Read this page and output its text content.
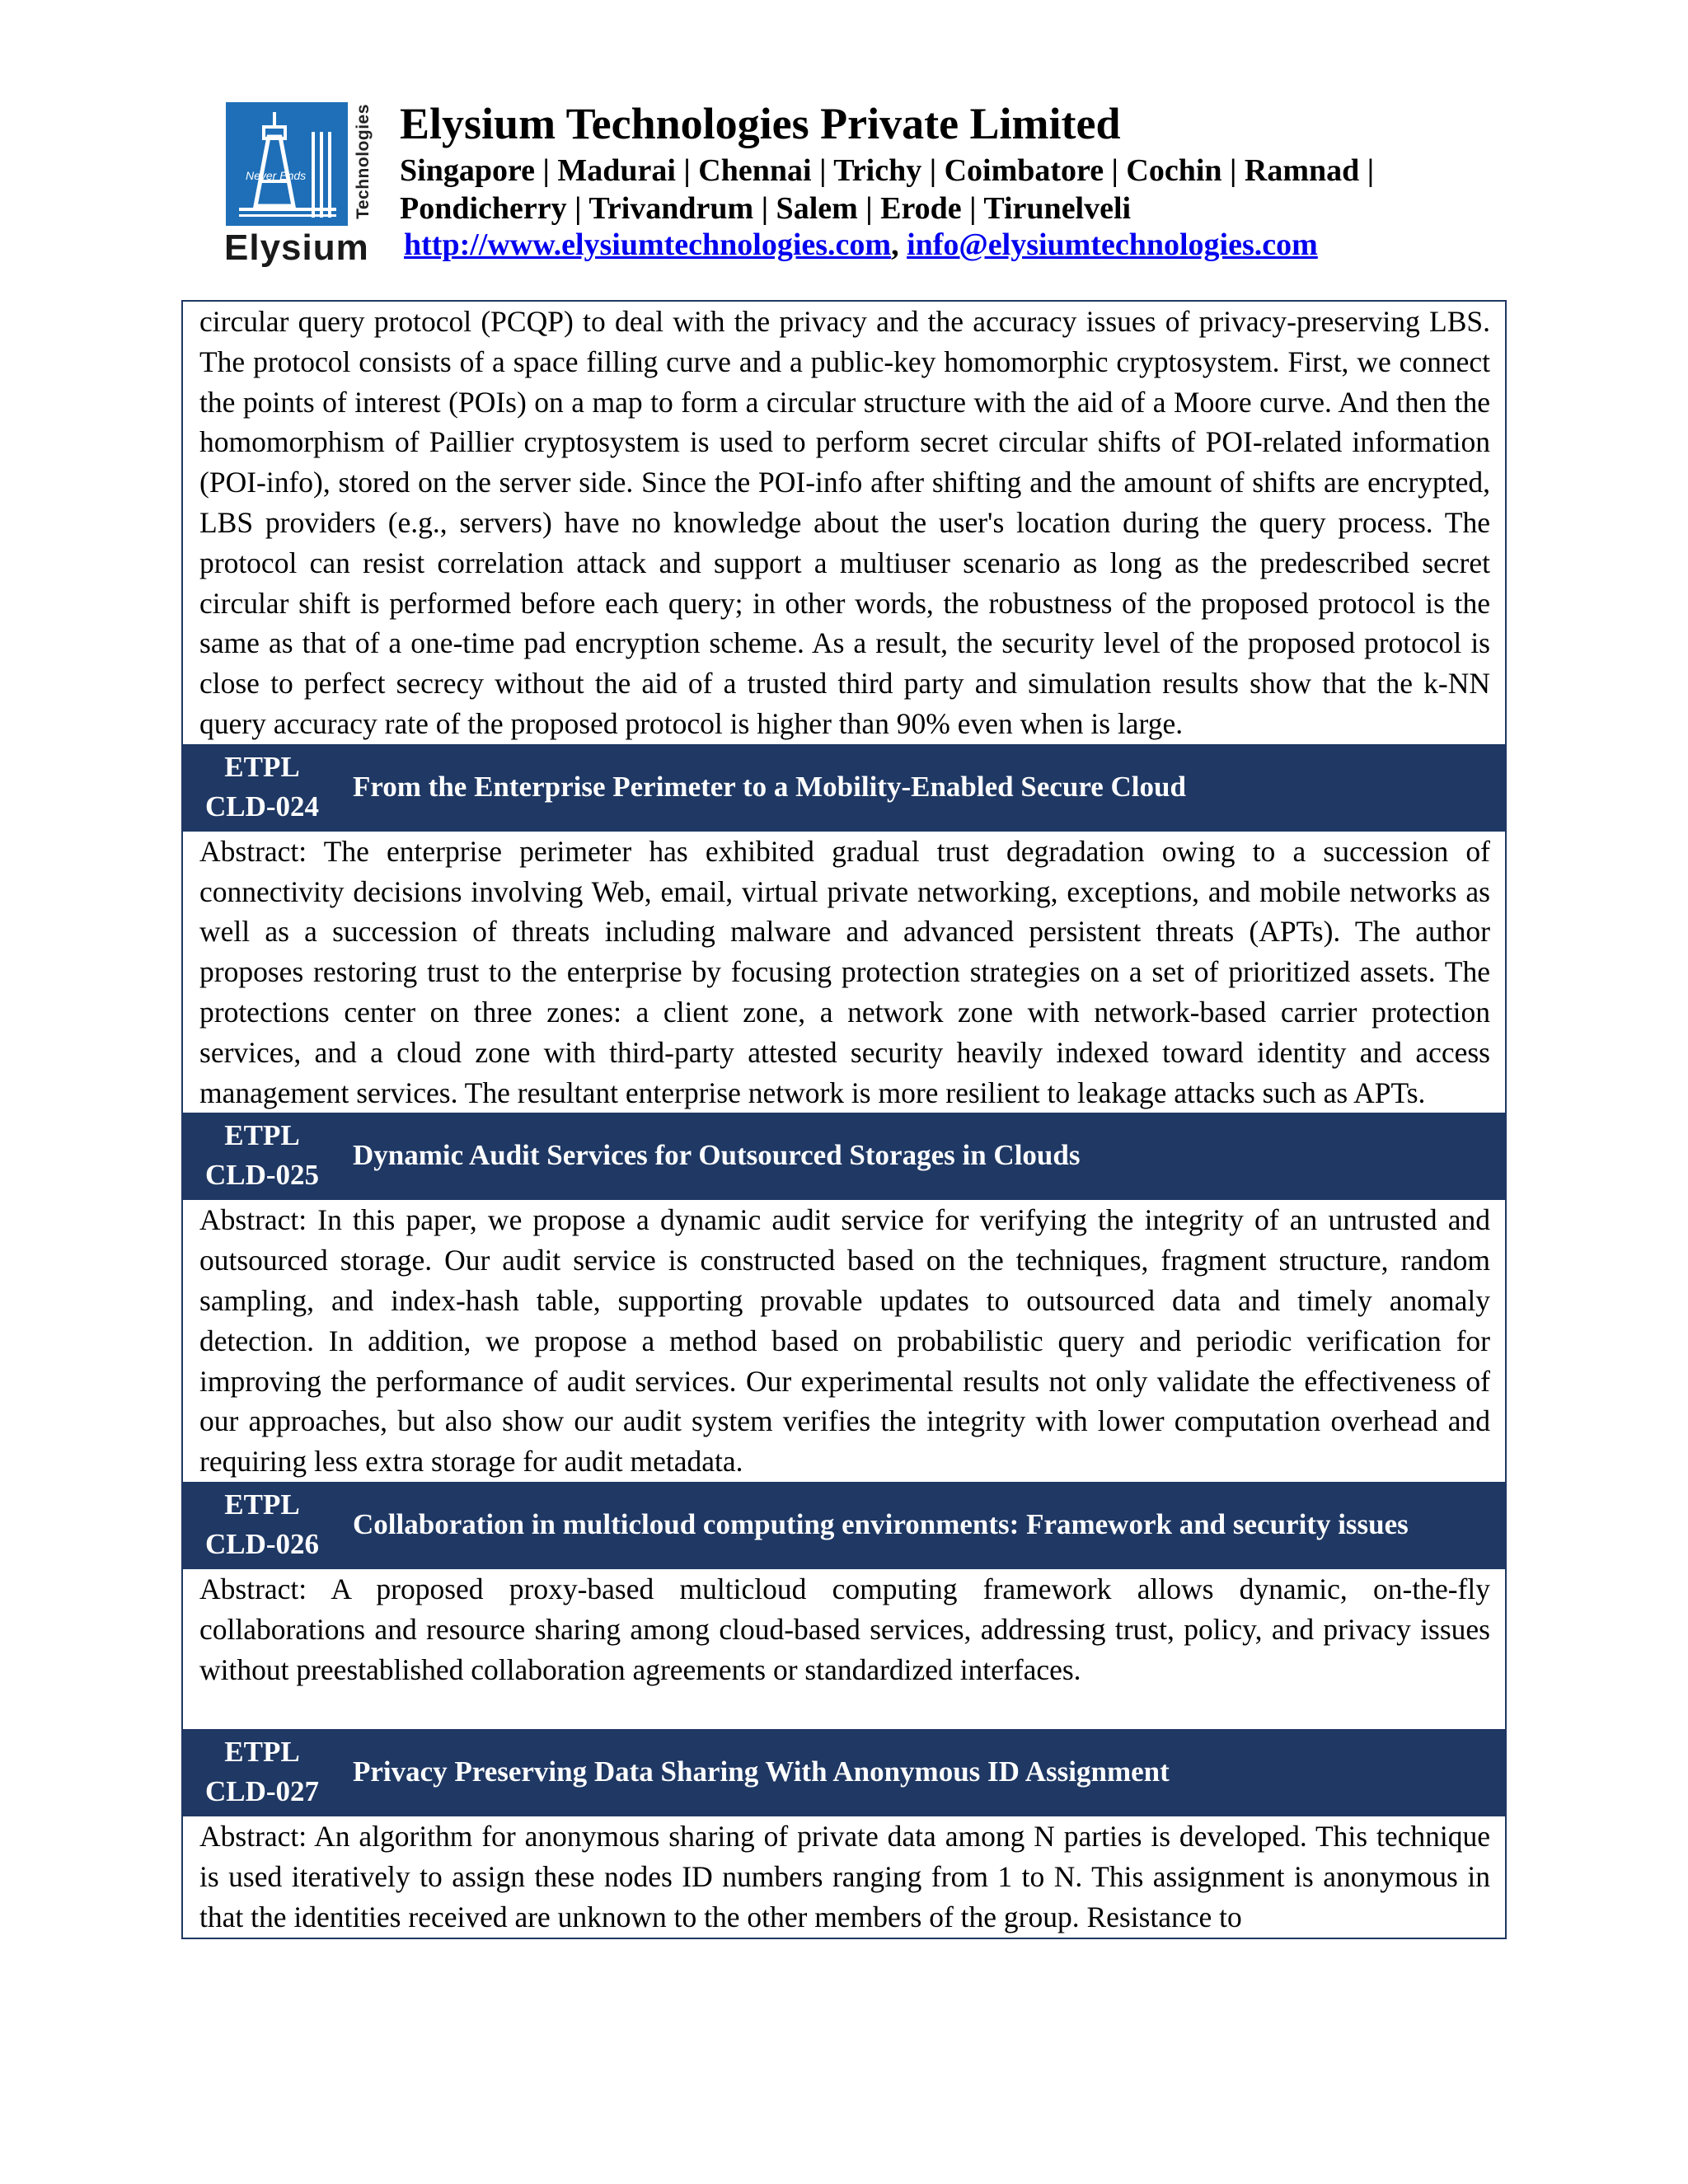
Never Ends	Technologies
Elysium
Elysium Technologies Private Limited
Singapore | Madurai | Chennai | Trichy | Coimbatore | Cochin | Ramnad | Pondicherry | Trivandrum | Salem | Erode | Tirunelveli
http://www.elysiumtechnologies.com, info@elysiumtechnologies.com
circular query protocol (PCQP) to deal with the privacy and the accuracy issues of privacy-preserving LBS. The protocol consists of a space filling curve and a public-key homomorphic cryptosystem. First, we connect the points of interest (POIs) on a map to form a circular structure with the aid of a Moore curve. And then the homomorphism of Paillier cryptosystem is used to perform secret circular shifts of POI-related information (POI-info), stored on the server side. Since the POI-info after shifting and the amount of shifts are encrypted, LBS providers (e.g., servers) have no knowledge about the user's location during the query process. The protocol can resist correlation attack and support a multiuser scenario as long as the predescribed secret circular shift is performed before each query; in other words, the robustness of the proposed protocol is the same as that of a one-time pad encryption scheme. As a result, the security level of the proposed protocol is close to perfect secrecy without the aid of a trusted third party and simulation results show that the k-NN query accuracy rate of the proposed protocol is higher than 90% even when is large.
ETPL
CLD-024
From the Enterprise Perimeter to a Mobility-Enabled Secure Cloud
Abstract: The enterprise perimeter has exhibited gradual trust degradation owing to a succession of connectivity decisions involving Web, email, virtual private networking, exceptions, and mobile networks as well as a succession of threats including malware and advanced persistent threats (APTs). The author proposes restoring trust to the enterprise by focusing protection strategies on a set of prioritized assets. The protections center on three zones: a client zone, a network zone with network-based carrier protection services, and a cloud zone with third-party attested security heavily indexed toward identity and access management services. The resultant enterprise network is more resilient to leakage attacks such as APTs.
ETPL
CLD-025
Dynamic Audit Services for Outsourced Storages in Clouds
Abstract: In this paper, we propose a dynamic audit service for verifying the integrity of an untrusted and outsourced storage. Our audit service is constructed based on the techniques, fragment structure, random sampling, and index-hash table, supporting provable updates to outsourced data and timely anomaly detection. In addition, we propose a method based on probabilistic query and periodic verification for improving the performance of audit services. Our experimental results not only validate the effectiveness of our approaches, but also show our audit system verifies the integrity with lower computation overhead and requiring less extra storage for audit metadata.
ETPL
CLD-026
Collaboration in multicloud computing environments: Framework and security issues
Abstract: A proposed proxy-based multicloud computing framework allows dynamic, on-the-fly collaborations and resource sharing among cloud-based services, addressing trust, policy, and privacy issues without preestablished collaboration agreements or standardized interfaces.
ETPL
CLD-027
Privacy Preserving Data Sharing With Anonymous ID Assignment
Abstract: An algorithm for anonymous sharing of private data among N parties is developed. This technique is used iteratively to assign these nodes ID numbers ranging from 1 to N. This assignment is anonymous in that the identities received are unknown to the other members of the group. Resistance to
